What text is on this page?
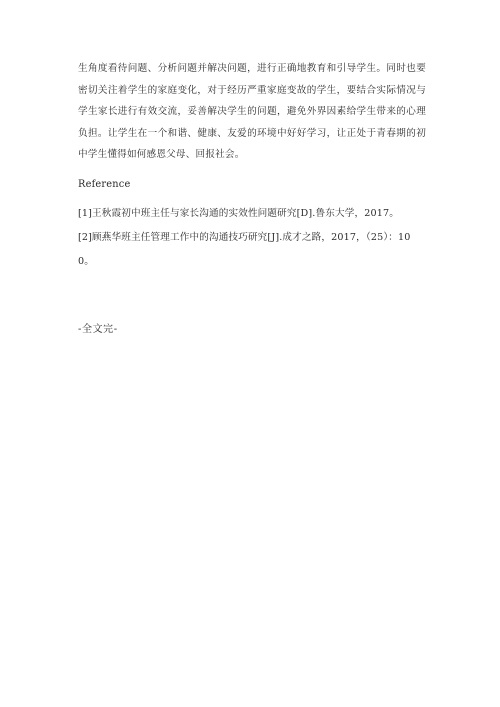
生角度看待问题、分析问题并解决问题，进行正确地教育和引导学生。同时也要密切关注着学生的家庭变化，对于经历严重家庭变故的学生，要结合实际情况与学生家长进行有效交流，妥善解决学生的问题，避免外界因素给学生带来的心理负担。让学生在一个和谐、健康、友爱的环境中好好学习，让正处于青春期的初中学生懂得如何感恩父母、回报社会。

Reference
[1]王秋霞初中班主任与家长沟通的实效性问题研究[D].鲁东大学，2017。
[2]顾燕华班主任管理工作中的沟通技巧研究[J].成才之路，2017，（25）：100。
-全文完-
